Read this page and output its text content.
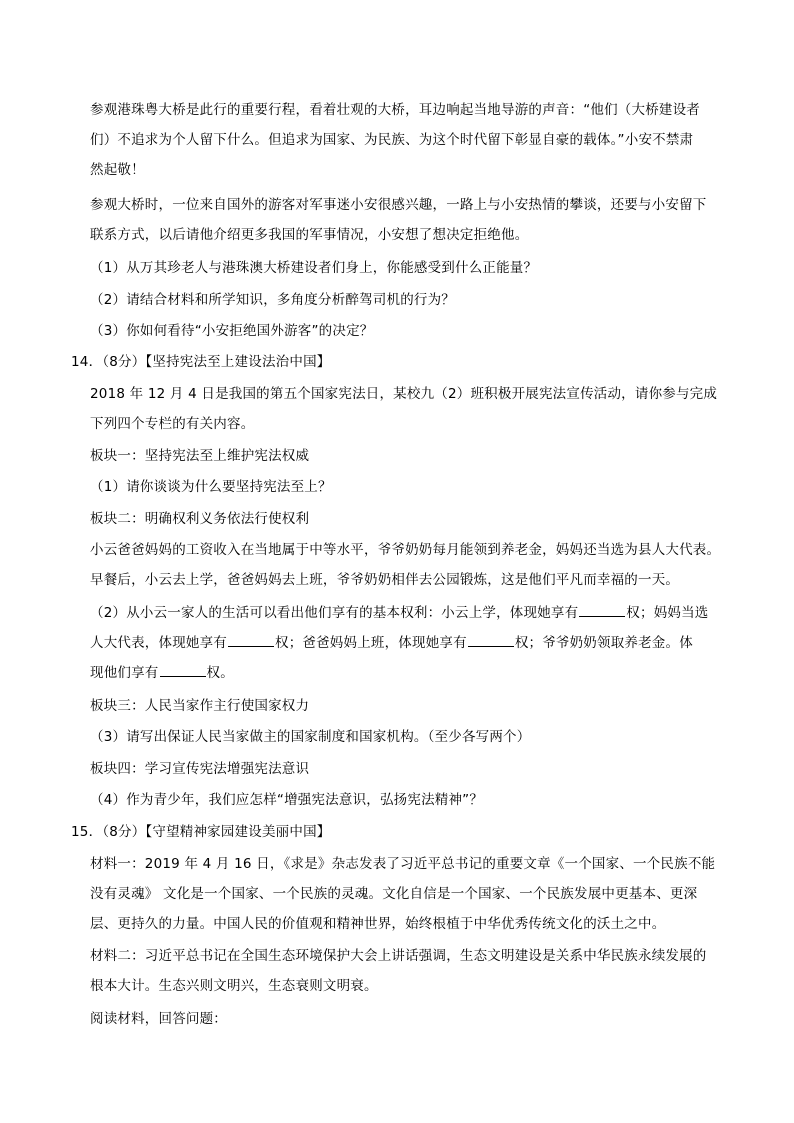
参观港珠粤大桥是此行的重要行程，看着壮观的大桥，耳边响起当地导游的声音：“他们（大桥建设者
们）不追求为个人留下什么。但追求为国家、为民族、为这个时代留下彰显自豪的载体。”小安不禁肃
然起敬！
参观大桥时，一位来自国外的游客对军事迷小安很感兴趣，一路上与小安热情的攀谈，还要与小安留下
联系方式，以后请他介绍更多我国的军事情况，小安想了想决定拒绝他。
（1）从万其珍老人与港珠澳大桥建设者们身上，你能感受到什么正能量？
（2）请结合材料和所学知识，多角度分析醉驾司机的行为？
（3）你如何看待“小安拒绝国外游客”的决定？
14．（8分）【坚持宪法至上建设法治中国】
2018 年 12 月 4 日是我国的第五个国家宪法日，某校九（2）班积极开展宪法宣传活动，请你参与完成
下列四个专栏的有关内容。
板块一：坚持宪法至上维护宪法权威
（1）请你谈谈为什么要坚持宪法至上？
板块二：明确权利义务依法行使权利
小云爸爸妈妈的工资收入在当地属于中等水平，爷爷奶奶每月能领到养老金，妈妈还当选为县人大代表。
早餐后，小云去上学，爸爸妈妈去上班，爷爷奶奶相伴去公园锻炼，这是他们平凡而幸福的一天。
（2）从小云一家人的生活可以看出他们享有的基本权利：小云上学，体现她享有	权；妈妈当选
人大代表，体现她享有	权；爸爸妈妈上班，体现她享有	权；爷爷奶奶领取养老金。体
现他们享有	权。
板块三：人民当家作主行使国家权力
（3）请写出保证人民当家做主的国家制度和国家机构。（至少各写两个）
板块四：学习宣传宪法增强宪法意识
（4）作为青少年，我们应怎样“增强宪法意识，弘扬宪法精神”？
15．（8分）【守望精神家园建设美丽中国】
材料一：2019 年 4 月 16 日，《求是》杂志发表了习近平总书记的重要文章《一个国家、一个民族不能
没有灵魂》 文化是一个国家、一个民族的灵魂。文化自信是一个国家、一个民族发展中更基本、更深
层、更持久的力量。中国人民的价值观和精神世界，始终根植于中华优秀传统文化的沃土之中。
材料二：习近平总书记在全国生态环境保护大会上讲话强调，生态文明建设是关系中华民族永续发展的
根本大计。生态兴则文明兴，生态衰则文明衰。
阅读材料，回答问题：
